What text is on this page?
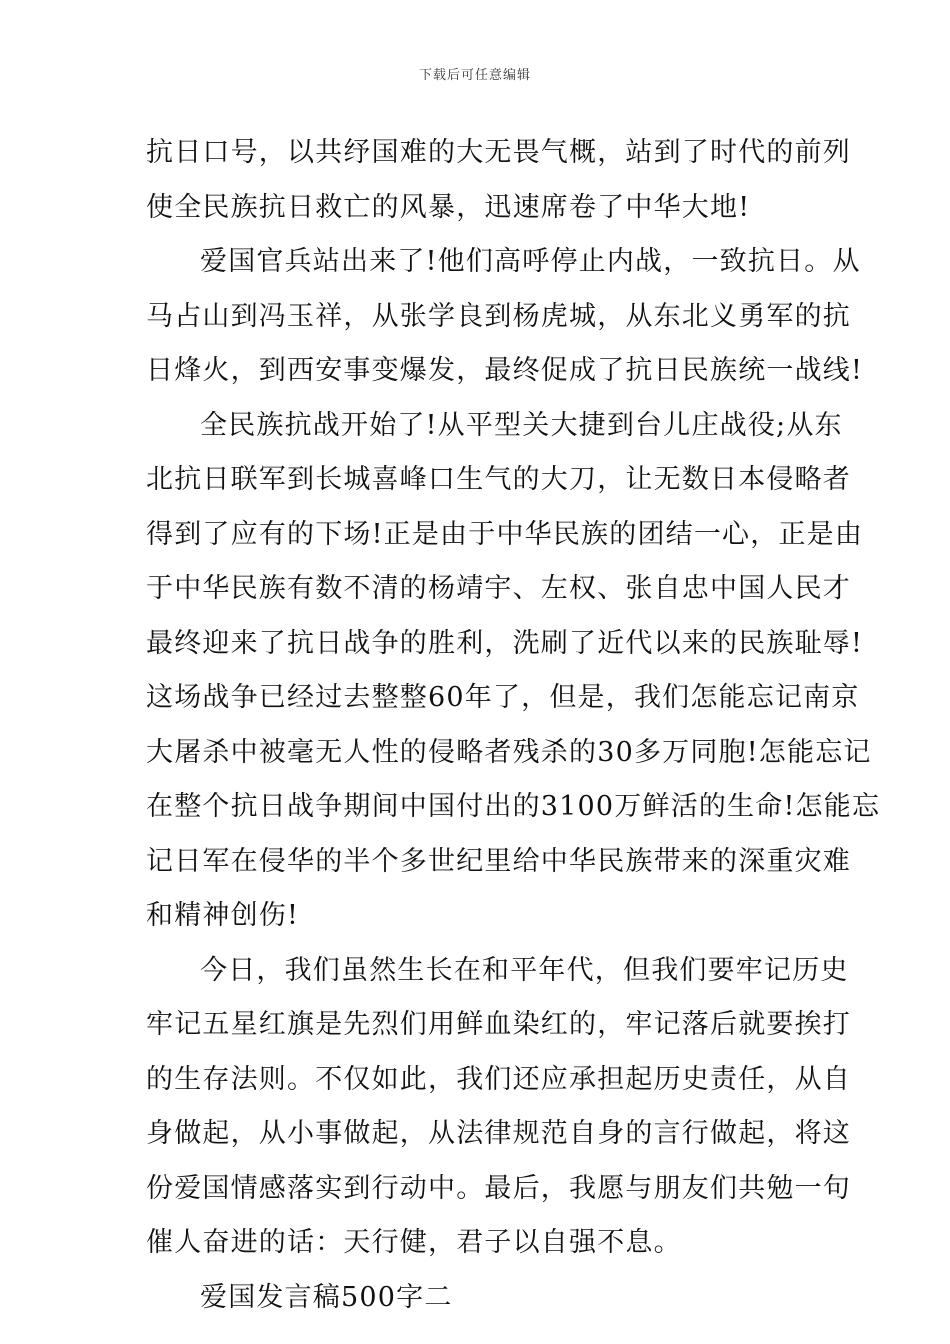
下载后可任意编辑

抗日口号，以共纾国难的大无畏气概，站到了时代的前列
使全民族抗日救亡的风暴，迅速席卷了中华大地!

爱国官兵站出来了!他们高呼停止内战，一致抗日。从
马占山到冯玉祥，从张学良到杨虎城，从东北义勇军的抗
日烽火，到西安事变爆发，最终促成了抗日民族统一战线!

全民族抗战开始了!从平型关大捷到台儿庄战役;从东
北抗日联军到长城喜峰口生气的大刀，让无数日本侵略者
得到了应有的下场!正是由于中华民族的团结一心，正是由
于中华民族有数不清的杨靖宇、左权、张自忠中国人民才
最终迎来了抗日战争的胜利，洗刷了近代以来的民族耻辱!
这场战争已经过去整整60年了，但是，我们怎能忘记南京
大屠杀中被毫无人性的侵略者残杀的30多万同胞!怎能忘记
在整个抗日战争期间中国付出的3100万鲜活的生命!怎能忘
记日军在侵华的半个多世纪里给中华民族带来的深重灾难
和精神创伤!

今日，我们虽然生长在和平年代，但我们要牢记历史
牢记五星红旗是先烈们用鲜血染红的，牢记落后就要挨打
的生存法则。不仅如此，我们还应承担起历史责任，从自
身做起，从小事做起，从法律规范自身的言行做起，将这
份爱国情感落实到行动中。最后，我愿与朋友们共勉一句
催人奋进的话：天行健，君子以自强不息。

爱国发言稿500字二
